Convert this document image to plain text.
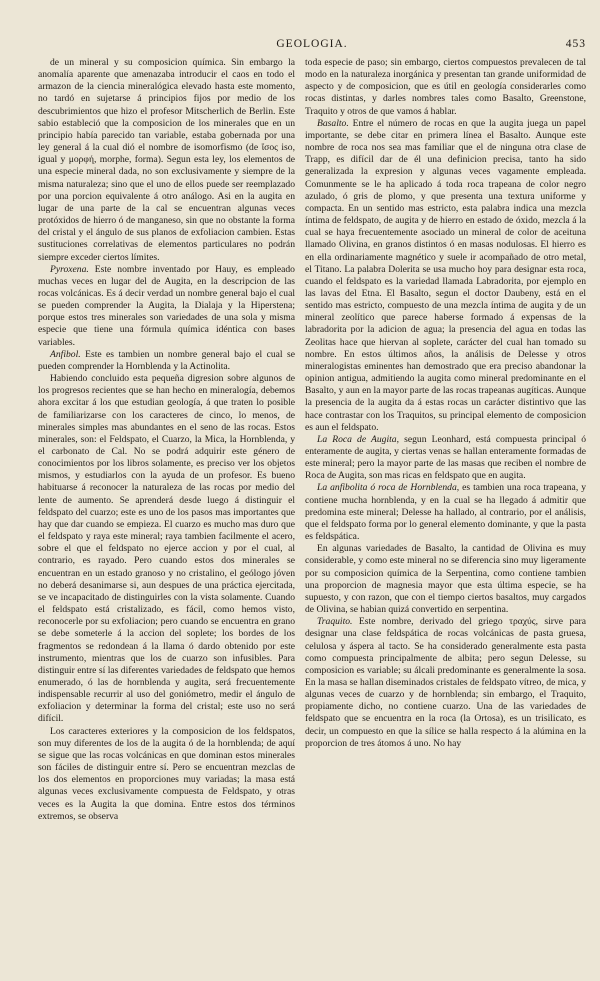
GEOLOGIA.	453

de un mineral y su composicion química. Sin embargo la anomalía aparente que amenazaba introducir el caos en todo el armazon de la ciencia mineralógica elevado hasta este momento, no tardó en sujetarse á principios fijos por medio de los descubrimientos que hizo el profesor Mitscherlich de Berlin. Este sabio estableció que la composicion de los minerales que en un principio había parecido tan variable, estaba gobernada por una ley general á la cual dió el nombre de isomorfismo (de ἴσος iso, igual y μορφή, morphe, forma). Segun esta ley, los elementos de una especie mineral dada, no son exclusivamente y siempre de la misma naturaleza; sino que el uno de ellos puede ser reemplazado por una porcion equivalente á otro análogo. Asi en la augita en lugar de una parte de la cal se encuentran algunas veces protóxidos de hierro ó de manganeso, sin que no obstante la forma del cristal y el ángulo de sus planos de exfoliacion cambien. Estas sustituciones correlativas de elementos particulares no podrán siempre exceder ciertos límites.

Pyroxena. Este nombre inventado por Hauy, es empleado muchas veces en lugar del de Augita, en la descripcion de las rocas volcánicas. Es á decir verdad un nombre general bajo el cual se pueden comprender la Augita, la Dialaja y la Hiperstena; porque estos tres minerales son variedades de una sola y misma especie que tiene una fórmula química idéntica con bases variables.

Anfibol. Este es tambien un nombre general bajo el cual se pueden comprender la Hornblenda y la Actinolita.

Habiendo concluido esta pequeña digresion sobre algunos de los progresos recientes que se han hecho en mineralogía, debemos ahora excitar á los que estudian geología, á que traten lo posible de familiarizarse con los caracteres de cinco, lo menos, de minerales simples mas abundantes en el seno de las rocas. Estos minerales, son: el Feldspato, el Cuarzo, la Mica, la Hornblenda, y el carbonato de Cal. No se podrá adquirir este género de conocimientos por los libros solamente, es preciso ver los objetos mismos, y estudiarlos con la ayuda de un profesor. Es bueno habituarse á reconocer la naturaleza de las rocas por medio del lente de aumento. Se aprenderá desde luego á distinguir el feldspato del cuarzo; este es uno de los pasos mas importantes que hay que dar cuando se empieza. El cuarzo es mucho mas duro que el feldspato y raya este mineral; raya tambien facilmente el acero, sobre el que el feldspato no ejerce accion y por el cual, al contrario, es rayado. Pero cuando estos dos minerales se encuentran en un estado granoso y no cristalino, el geólogo jóven no deberá desanimarse si, aun despues de una práctica ejercitada, se ve incapacitado de distinguirles con la vista solamente. Cuando el feldspato está cristalizado, es fácil, como hemos visto, reconocerle por su exfoliacion; pero cuando se encuentra en grano se debe someterle á la accion del soplete; los bordes de los fragmentos se redondean á la llama ó dardo obtenido por este instrumento, mientras que los de cuarzo son infusibles. Para distinguir entre sí las diferentes variedades de feldspato que hemos enumerado, ó las de hornblenda y augita, será frecuentemente indispensable recurrir al uso del goniómetro, medir el ángulo de exfoliacion y determinar la forma del cristal; este uso no será difícil.

Los caracteres exteriores y la composicion de los feldspatos, son muy diferentes de los de la augita ó de la hornblenda; de aquí se sigue que las rocas volcánicas en que dominan estos minerales son fáciles de distinguir entre sí. Pero se encuentran mezclas de los dos elementos en proporciones muy variadas; la masa está algunas veces exclusivamente compuesta de Feldspato, y otras veces es la Augita la que domina. Entre estos dos términos extremos, se observa

toda especie de paso; sin embargo, ciertos compuestos prevalecen de tal modo en la naturaleza inorgánica y presentan tan grande uniformidad de aspecto y de composicion, que es útil en geología considerarles como rocas distintas, y darles nombres tales como Basalto, Greenstone, Traquito y otros de que vamos á hablar.

Basalto. Entre el número de rocas en que la augita juega un papel importante, se debe citar en primera línea el Basalto. Aunque este nombre de roca nos sea mas familiar que el de ninguna otra clase de Trapp, es difícil dar de él una definicion precisa, tanto ha sido generalizada la expresion y algunas veces vagamente empleada. Comunmente se le ha aplicado á toda roca trapeana de color negro azulado, ó gris de plomo, y que presenta una textura uniforme y compacta. En un sentido mas estricto, esta palabra indica una mezcla íntima de feldspato, de augita y de hierro en estado de óxido, mezcla á la cual se haya frecuentemente asociado un mineral de color de aceituna llamado Olivina, en granos distintos ó en masas nodulosas. El hierro es en ella ordinariamente magnético y suele ir acompañado de otro metal, el Titano. La palabra Dolerita se usa mucho hoy para designar esta roca, cuando el feldspato es la variedad llamada Labradorita, por ejemplo en las lavas del Etna. El Basalto, segun el doctor Daubeny, está en el sentido mas estricto, compuesto de una mezcla íntima de augita y de un mineral zeolítico que parece haberse formado á expensas de la labradorita por la adicion de agua; la presencia del agua en todas las Zeolitas hace que hiervan al soplete, carácter del cual han tomado su nombre. En estos últimos años, la análisis de Delesse y otros mineralogistas eminentes han demostrado que era preciso abandonar la opinion antigua, admitiendo la augita como mineral predominante en el Basalto, y aun en la mayor parte de las rocas trapeanas augíticas. Aunque la presencia de la augita da á estas rocas un carácter distintivo que las hace contrastar con los Traquitos, su principal elemento de composicion es aun el feldspato.

La Roca de Augita, segun Leonhard, está compuesta principal ó enteramente de augita, y ciertas venas se hallan enteramente formadas de este mineral; pero la mayor parte de las masas que reciben el nombre de Roca de Augita, son mas ricas en feldspato que en augita.

La anfibolita ó roca de Hornblenda, es tambien una roca trapeana, y contiene mucha hornblenda, y en la cual se ha llegado á admitir que predomina este mineral; Delesse ha hallado, al contrario, por el análisis, que el feldspato forma por lo general elemento dominante, y que la pasta es feldspática.

En algunas variedades de Basalto, la cantidad de Olivina es muy considerable, y como este mineral no se diferencia sino muy ligeramente por su composicion química de la Serpentina, como contiene tambien una proporcion de magnesia mayor que esta última especie, se ha supuesto, y con razon, que con el tiempo ciertos basaltos, muy cargados de Olivina, se habian quizá convertido en serpentina.

Traquito. Este nombre, derivado del griego τραχύς, sirve para designar una clase feldspática de rocas volcánicas de pasta gruesa, celulosa y áspera al tacto. Se ha considerado generalmente esta pasta como compuesta principalmente de albita; pero segun Delesse, su composicion es variable; su álcali predominante es generalmente la sosa. En la masa se hallan diseminados cristales de feldspato vítreo, de mica, y algunas veces de cuarzo y de hornblenda; sin embargo, el Traquito, propiamente dicho, no contiene cuarzo. Una de las variedades de feldspato que se encuentra en la roca (la Ortosa), es un trisilicato, es decir, un compuesto en que la sílice se halla respecto á la alúmina en la proporcion de tres átomos á uno. No hay
